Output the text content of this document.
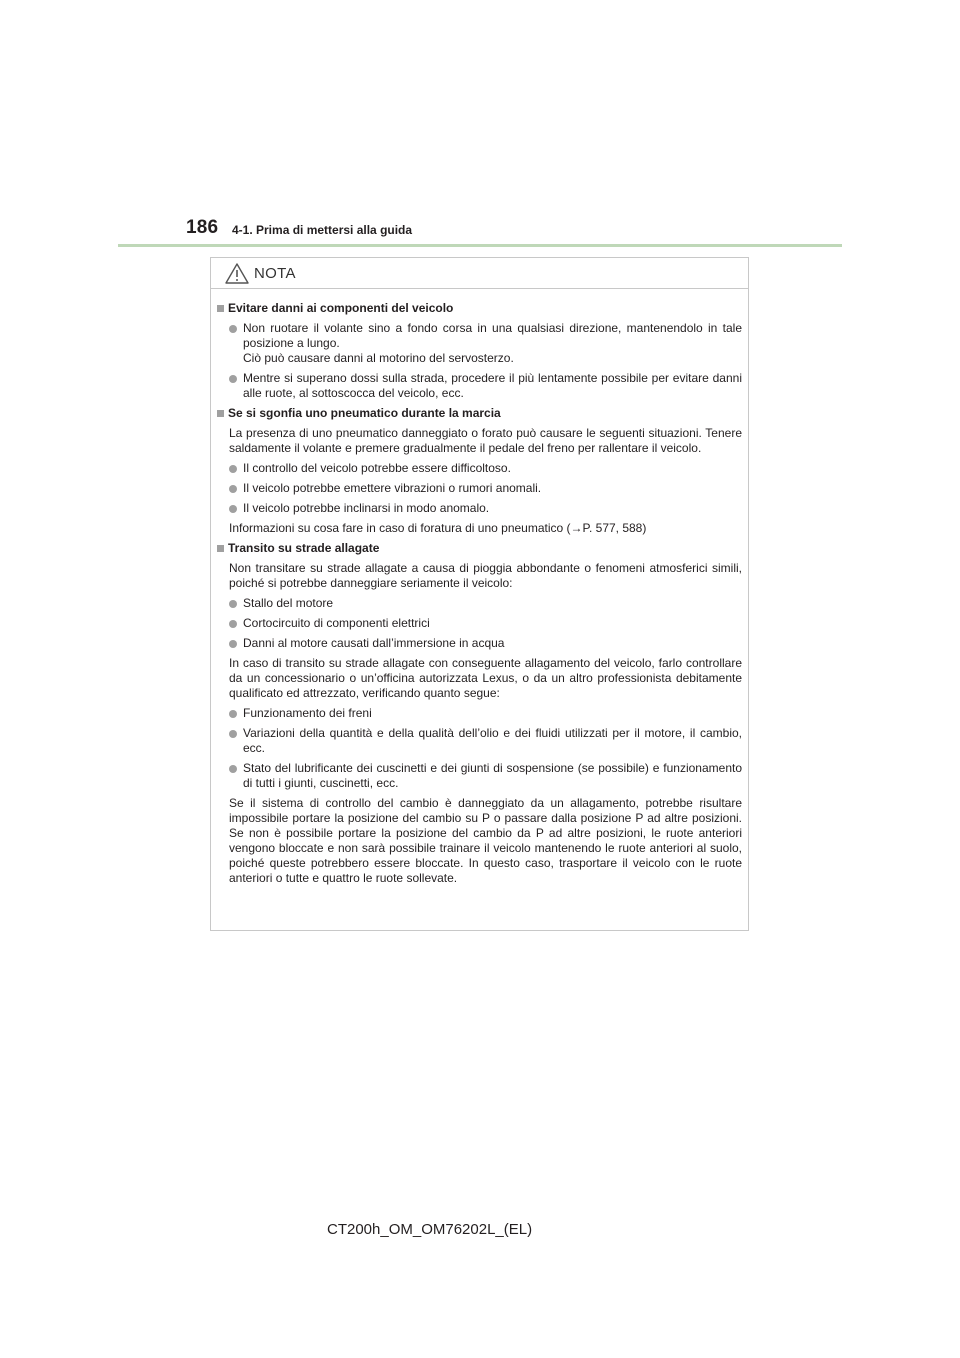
186 4-1. Prima di mettersi alla guida
NOTA
Evitare danni ai componenti del veicolo
Non ruotare il volante sino a fondo corsa in una qualsiasi direzione, mantenendolo in tale posizione a lungo.
Ciò può causare danni al motorino del servosterzo.
Mentre si superano dossi sulla strada, procedere il più lentamente possibile per evitare danni alle ruote, al sottoscocca del veicolo, ecc.
Se si sgonfia uno pneumatico durante la marcia
La presenza di uno pneumatico danneggiato o forato può causare le seguenti situazioni. Tenere saldamente il volante e premere gradualmente il pedale del freno per rallentare il veicolo.
Il controllo del veicolo potrebbe essere difficoltoso.
Il veicolo potrebbe emettere vibrazioni o rumori anomali.
Il veicolo potrebbe inclinarsi in modo anomalo.
Informazioni su cosa fare in caso di foratura di uno pneumatico (→P. 577, 588)
Transito su strade allagate
Non transitare su strade allagate a causa di pioggia abbondante o fenomeni atmosferici simili, poiché si potrebbe danneggiare seriamente il veicolo:
Stallo del motore
Cortocircuito di componenti elettrici
Danni al motore causati dall’immersione in acqua
In caso di transito su strade allagate con conseguente allagamento del veicolo, farlo controllare da un concessionario o un’officina autorizzata Lexus, o da un altro professionista debitamente qualificato ed attrezzato, verificando quanto segue:
Funzionamento dei freni
Variazioni della quantità e della qualità dell’olio e dei fluidi utilizzati per il motore, il cambio, ecc.
Stato del lubrificante dei cuscinetti e dei giunti di sospensione (se possibile) e funzionamento di tutti i giunti, cuscinetti, ecc.
Se il sistema di controllo del cambio è danneggiato da un allagamento, potrebbe risultare impossibile portare la posizione del cambio su P o passare dalla posizione P ad altre posizioni. Se non è possibile portare la posizione del cambio da P ad altre posizioni, le ruote anteriori vengono bloccate e non sarà possibile trainare il veicolo mantenendo le ruote anteriori al suolo, poiché queste potrebbero essere bloccate. In questo caso, trasportare il veicolo con le ruote anteriori o tutte e quattro le ruote sollevate.
CT200h_OM_OM76202L_(EL)
